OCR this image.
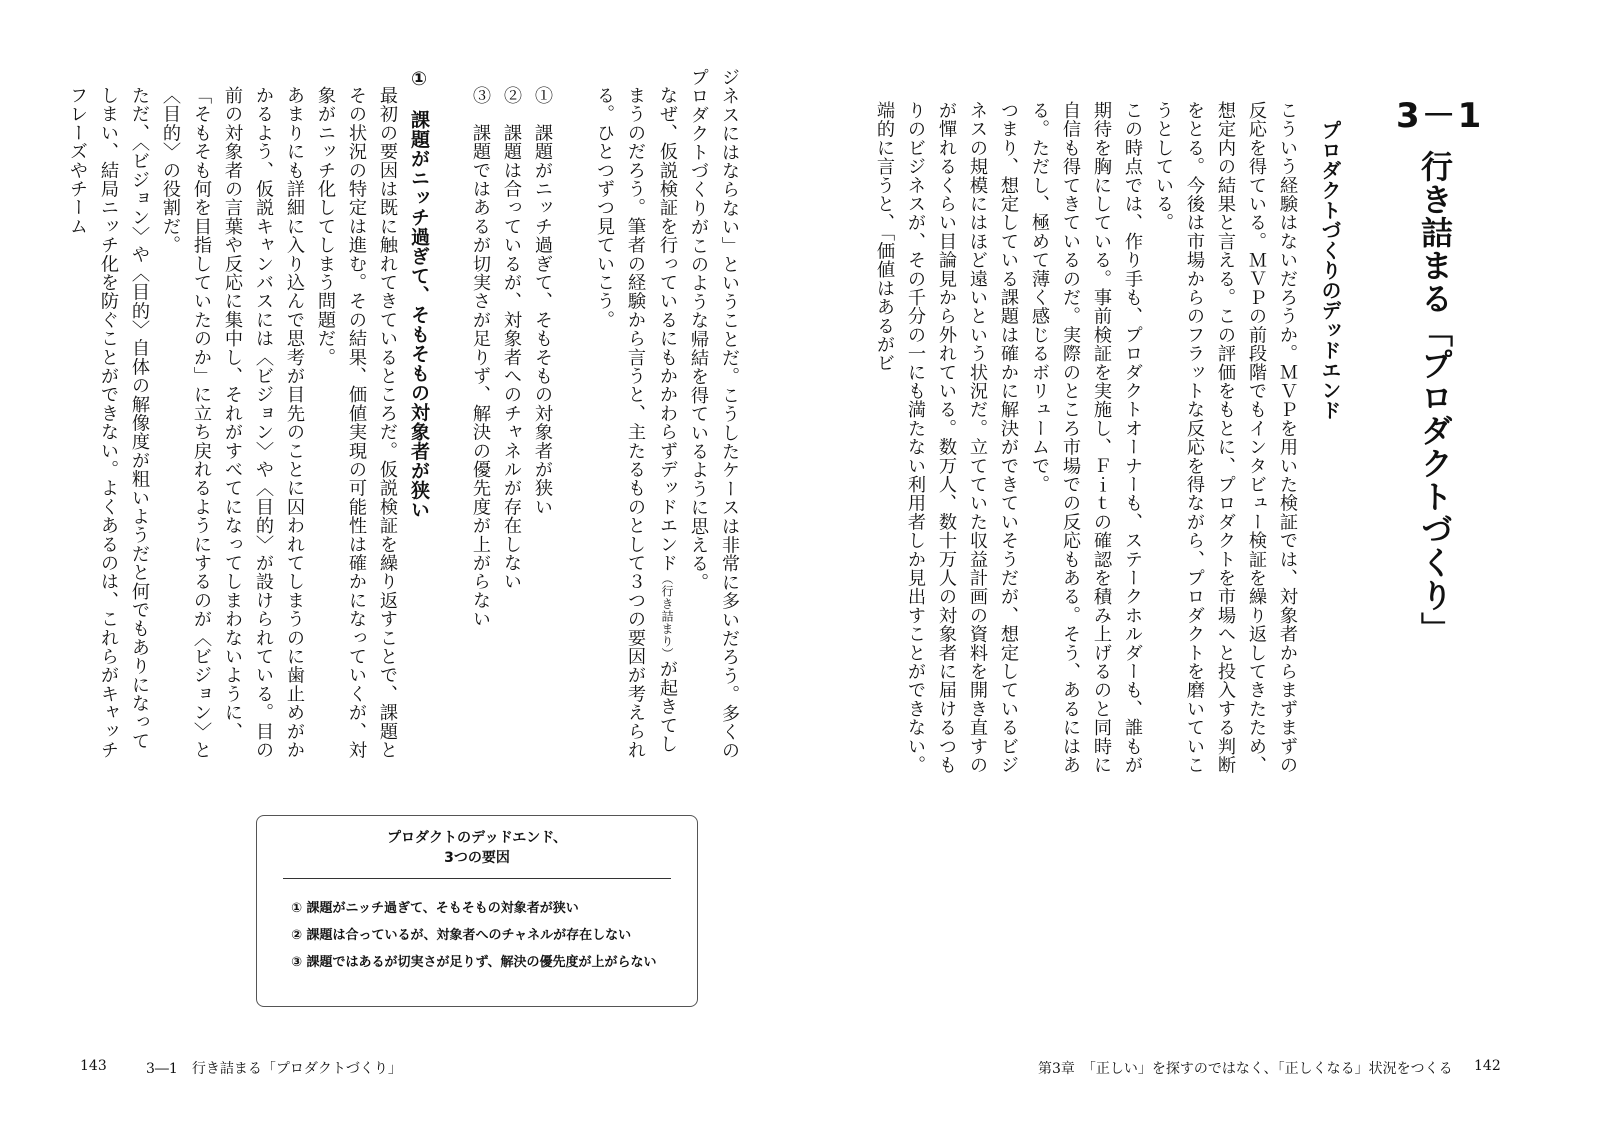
3－1
行き詰まる「プロダクトづくり」
プロダクトづくりのデッドエンド

こういう経験はないだろうか。ＭＶＰを用いた検証では、対象者からまずまずの反応を得ている。ＭＶＰの前段階でもインタビュー検証を繰り返してきたため、想定内の結果と言える。この評価をもとに、プロダクトを市場へと投入する判断をとる。今後は市場からのフラットな反応を得ながら、プロダクトを磨いていこうとしている。

この時点では、作り手も、プロダクトオーナーも、ステークホルダーも、誰もが期待を胸にしている。事前検証を実施し、Ｆｉｔの確認を積み上げるのと同時に自信も得てきているのだ。実際のところ市場での反応もある。そう、あるにはある。ただし、極めて薄く感じるボリュームで。

つまり、想定している課題は確かに解決ができていそうだが、想定しているビジネスの規模にはほど遠いという状況だ。立てていた収益計画の資料を開き直すのが憚れるくらい目論見から外れている。数万人、数十万人の対象者に届けるつもりのビジネスが、その千分の一にも満たない利用者しか見出すことができない。端的に言うと、「価値はあるがビ

ジネスにはならない」ということだ。こうしたケースは非常に多いだろう。多くのプロダクトづくりがこのような帰結を得ているように思える。

なぜ、仮説検証を行っているにもかかわらずデッドエンド（行き詰まり）が起きてしまうのだろう。筆者の経験から言うと、主たるものとして３つの要因が考えられる。ひとつずつ見ていこう。

①　課題がニッチ過ぎて、そもそもの対象者が狭い

②　課題は合っているが、対象者へのチャネルが存在しない

③　課題ではあるが切実さが足りず、解決の優先度が上がらない

①　課題がニッチ過ぎて、そもそもの対象者が狭い

最初の要因は既に触れてきているところだ。仮説検証を繰り返すことで、課題とその状況の特定は進む。その結果、価値実現の可能性は確かになっていくが、対象がニッチ化してしまう問題だ。

あまりにも詳細に入り込んで思考が目先のことに囚われてしまうのに歯止めがかかるよう、仮説キャンバスには〈ビジョン〉や〈目的〉が設けられている。目の前の対象者の言葉や反応に集中し、それがすべてになってしまわないように、「そもそも何を目指していたのか」に立ち戻れるようにするのが〈ビジョン〉と〈目的〉の役割だ。

ただ、〈ビジョン〉や〈目的〉自体の解像度が粗いようだと何でもありになってしまい、結局ニッチ化を防ぐことができない。よくあるのは、これらがキャッチフレーズやチーム

プロダクトのデッドエンド、
3つの要因
① 課題がニッチ過ぎて、そもそもの対象者が狭い
② 課題は合っているが、対象者へのチャネルが存在しない
③ 課題ではあるが切実さが足りず、解決の優先度が上がらない
143	3―1　行き詰まる「プロダクトづくり」	第3章　「正しい」を探すのではなく、「正しくなる」状況をつくる 142
